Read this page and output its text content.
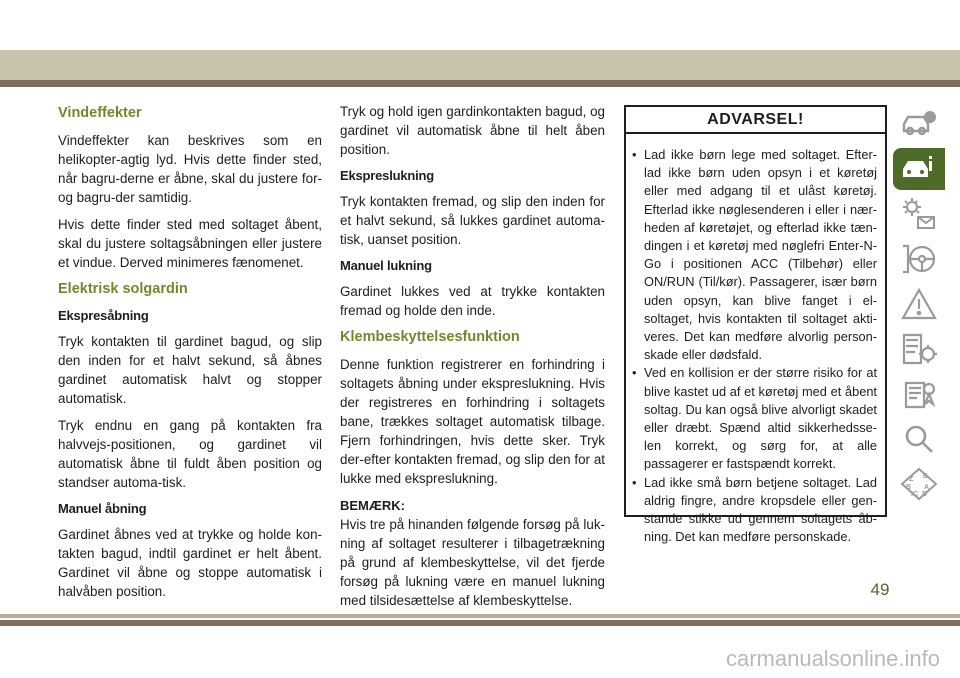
Vindeffekter

Vindeffekter kan beskrives som en helikopter-agtig lyd. Hvis dette finder sted, når bagru-derne er åbne, skal du justere for- og bagru-der samtidig.

Hvis dette finder sted med soltaget åbent, skal du justere soltagsåbningen eller justere et vindue. Derved minimeres fænomenet.

Elektrisk solgardin
Ekspresåbning

Tryk kontakten til gardinet bagud, og slip den inden for et halvt sekund, så åbnes gardinet automatisk halvt og stopper automatisk.

Tryk endnu en gang på kontakten fra halvvejs-positionen, og gardinet vil automatisk åbne til fuldt åben position og standser automa-tisk.

Manuel åbning

Gardinet åbnes ved at trykke og holde kon-takten bagud, indtil gardinet er helt åbent. Gardinet vil åbne og stoppe automatisk i halvåben position.

Tryk og hold igen gardinkontakten bagud, og gardinet vil automatisk åbne til helt åben position.

Ekspreslukning

Tryk kontakten fremad, og slip den inden for et halvt sekund, så lukkes gardinet automa-tisk, uanset position.

Manuel lukning

Gardinet lukkes ved at trykke kontakten fremad og holde den inde.

Klembeskyttelsesfunktion

Denne funktion registrerer en forhindring i soltagets åbning under ekspreslukning. Hvis der registreres en forhindring i soltagets bane, trækkes soltaget automatisk tilbage. Fjern forhindringen, hvis dette sker. Tryk der-efter kontakten fremad, og slip den for at lukke med ekspreslukning.

BEMÆRK:

Hvis tre på hinanden følgende forsøg på luk-ning af soltaget resulterer i tilbagetrækning på grund af klembeskyttelse, vil det fjerde forsøg på lukning være en manuel lukning med tilsidesættelse af klembeskyttelse.

ADVARSEL!
• Lad ikke børn lege med soltaget. Efter-lad ikke børn uden opsyn i et køretøj eller med adgang til et ulåst køretøj. Efterlad ikke nøglesenderen i eller i nær-heden af køretøjet, og efterlad ikke tæn-dingen i et køretøj med nøglefri Enter-N-Go i positionen ACC (Tilbehør) eller ON/RUN (Til/kør). Passagerer, især børn uden opsyn, kan blive fanget i el-soltaget, hvis kontakten til soltaget akti-veres. Det kan medføre alvorlig person-skade eller dødsfald.
• Ved en kollision er der større risiko for at blive kastet ud af et køretøj med et åbent soltag. Du kan også blive alvorligt skadet eller dræbt. Spænd altid sikkerhedsse-len korrekt, og sørg for, at alle passagerer er fastspændt korrekt.
• Lad ikke små børn betjene soltaget. Lad aldrig fingre, andre kropsdele eller gen-stande stikke ud gennem soltagets åb-ning. Det kan medføre personskade.
Z E
B A
IC D
49
carmanualsonline.info
